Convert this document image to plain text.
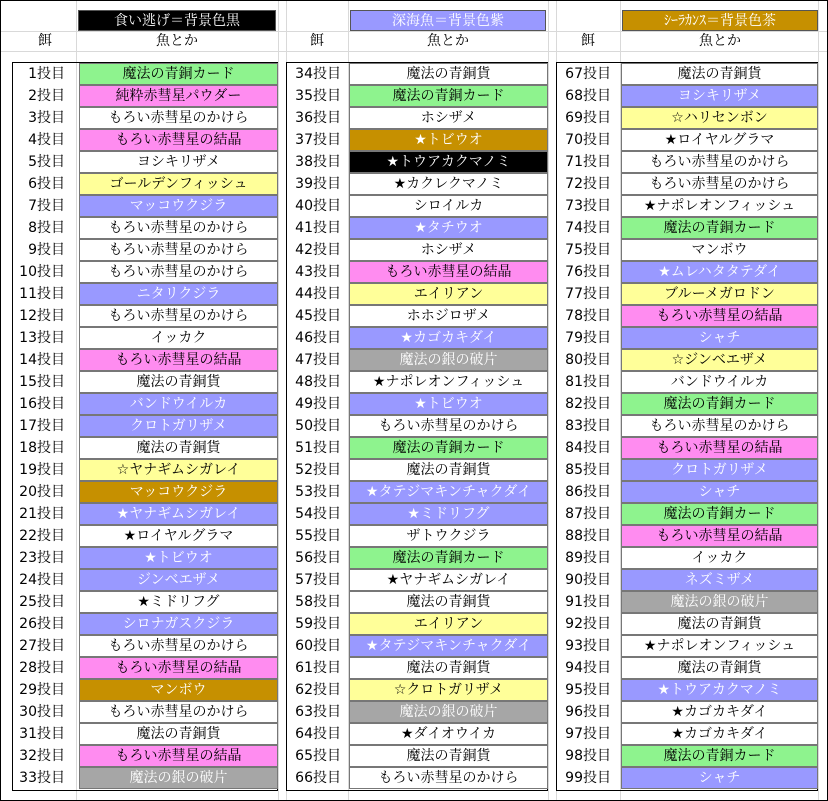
食い逃げ＝背景色黒	深海魚＝背景色紫	ｼｰﾗｶﾝｽ＝背景色茶
餌	魚とか	餌	魚とか	餌	魚とか
1投目	魔法の青銅カード
2投目	純粋赤彗星パウダー
3投目	もろい赤彗星のかけら
4投目	もろい赤彗星の結晶
5投目	ヨシキリザメ
6投目	ゴールデンフィッシュ
7投目	マッコウクジラ
8投目	もろい赤彗星のかけら
9投目	もろい赤彗星のかけら
10投目	もろい赤彗星のかけら
11投目	ニタリクジラ
12投目	もろい赤彗星のかけら
13投目	イッカク
14投目	もろい赤彗星の結晶
15投目	魔法の青銅貨
16投目	バンドウイルカ
17投目	クロトガリザメ
18投目	魔法の青銅貨
19投目	☆ヤナギムシガレイ
20投目	マッコウクジラ
21投目	★ヤナギムシガレイ
22投目	★ロイヤルグラマ
23投目	★トビウオ
24投目	ジンベエザメ
25投目	★ミドリフグ
26投目	シロナガスクジラ
27投目	もろい赤彗星のかけら
28投目	もろい赤彗星の結晶
29投目	マンボウ
30投目	もろい赤彗星のかけら
31投目	魔法の青銅貨
32投目	もろい赤彗星の結晶
33投目	魔法の銀の破片
34投目	魔法の青銅貨
35投目	魔法の青銅カード
36投目	ホシザメ
37投目	★トビウオ
38投目	★トウアカクマノミ
39投目	★カクレクマノミ
40投目	シロイルカ
41投目	★タチウオ
42投目	ホシザメ
43投目	もろい赤彗星の結晶
44投目	エイリアン
45投目	ホホジロザメ
46投目	★カゴカキダイ
47投目	魔法の銀の破片
48投目	★ナポレオンフィッシュ
49投目	★トビウオ
50投目	もろい赤彗星のかけら
51投目	魔法の青銅カード
52投目	魔法の青銅貨
53投目	★タテジマキンチャクダイ
54投目	★ミドリフグ
55投目	ザトウクジラ
56投目	魔法の青銅カード
57投目	★ヤナギムシガレイ
58投目	魔法の青銅貨
59投目	エイリアン
60投目	★タテジマキンチャクダイ
61投目	魔法の青銅貨
62投目	☆クロトガリザメ
63投目	魔法の銀の破片
64投目	★ダイオウイカ
65投目	魔法の青銅貨
66投目	もろい赤彗星のかけら
67投目	魔法の青銅貨
68投目	ヨシキリザメ
69投目	☆ハリセンボン
70投目	★ロイヤルグラマ
71投目	もろい赤彗星のかけら
72投目	もろい赤彗星のかけら
73投目	★ナポレオンフィッシュ
74投目	魔法の青銅カード
75投目	マンボウ
76投目	★ムレハタタテダイ
77投目	ブルーメガロドン
78投目	もろい赤彗星の結晶
79投目	シャチ
80投目	☆ジンベエザメ
81投目	バンドウイルカ
82投目	魔法の青銅カード
83投目	もろい赤彗星のかけら
84投目	もろい赤彗星の結晶
85投目	クロトガリザメ
86投目	シャチ
87投目	魔法の青銅カード
88投目	もろい赤彗星の結晶
89投目	イッカク
90投目	ネズミザメ
91投目	魔法の銀の破片
92投目	魔法の青銅貨
93投目	★ナポレオンフィッシュ
94投目	魔法の青銅貨
95投目	★トウアカクマノミ
96投目	★カゴカキダイ
97投目	★カゴカキダイ
98投目	魔法の青銅カード
99投目	シャチ
